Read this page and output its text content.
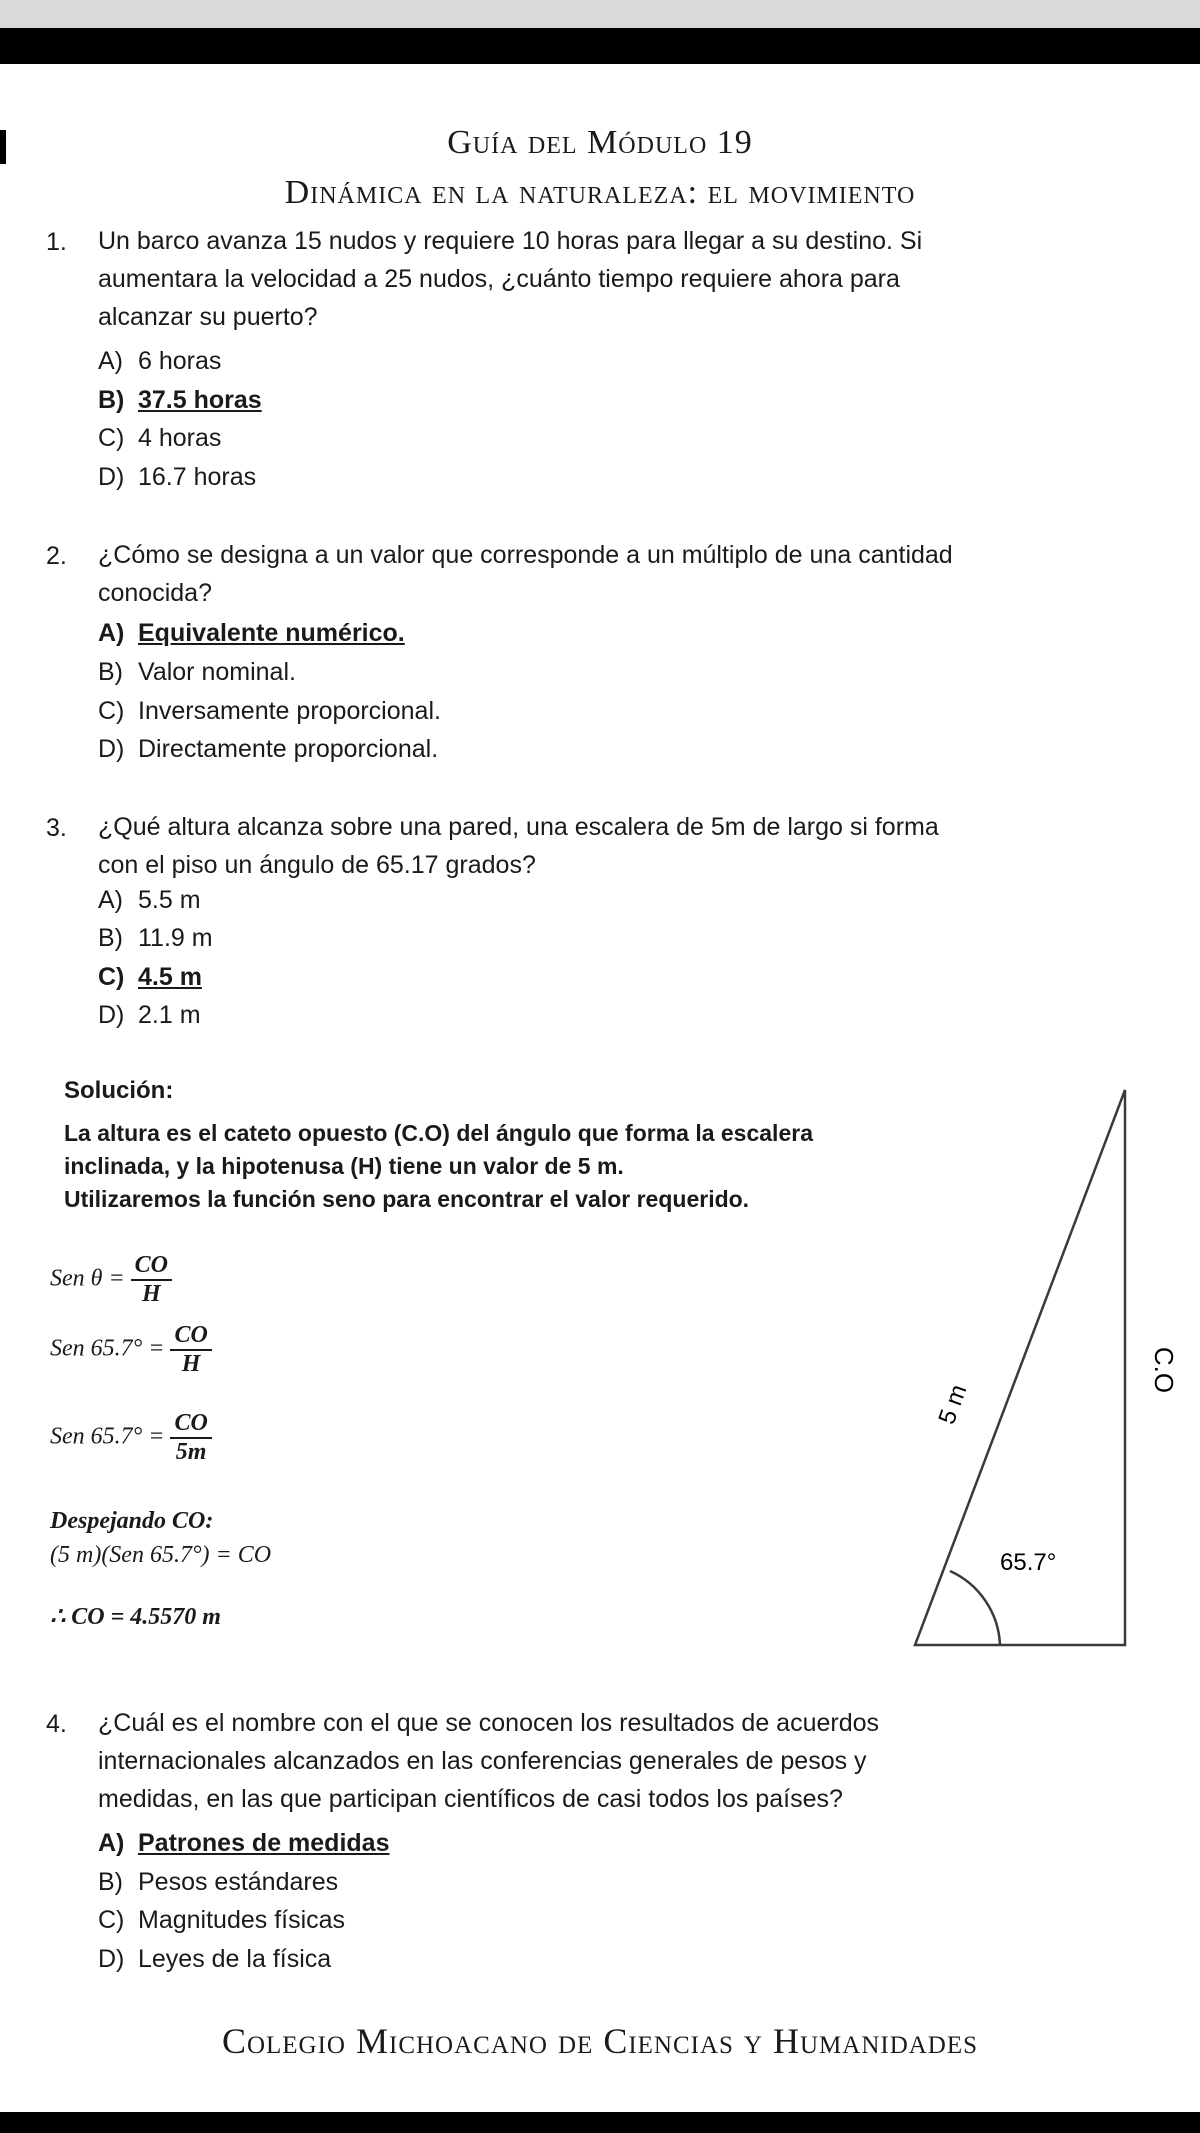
Guía del Módulo 19
Dinámica en la naturaleza: el movimiento
1. Un barco avanza 15 nudos y requiere 10 horas para llegar a su destino. Si
aumentara la velocidad a 25 nudos, ¿cuánto tiempo requiere ahora para
alcanzar su puerto?
A) 6 horas
B) 37.5 horas
C) 4 horas
D) 16.7 horas
2. ¿Cómo se designa a un valor que corresponde a un múltiplo de una cantidad
conocida?
A) Equivalente numérico.
B) Valor nominal.
C) Inversamente proporcional.
D) Directamente proporcional.
3. ¿Qué altura alcanza sobre una pared, una escalera de 5m de largo si forma
con el piso un ángulo de 65.17 grados?
A) 5.5 m
B) 11.9 m
C) 4.5 m
D) 2.1 m
Solución:
La altura es el cateto opuesto (C.O) del ángulo que forma la escalera
inclinada, y la hipotenusa (H) tiene un valor de 5 m.
Utilizaremos la función seno para encontrar el valor requerido.
Sen $\theta = \frac{CO}{H}$
Sen $65.7^\circ = \frac{CO}{H}$
Sen $65.7^\circ = \frac{CO}{5m}$
Despejando CO:
(5 m)(Sen 65.7°) = CO
∴ CO = 4.5570 m
5 m
C.O
65.7°
4. ¿Cuál es el nombre con el que se conocen los resultados de acuerdos
internacionales alcanzados en las conferencias generales de pesos y
medidas, en las que participan científicos de casi todos los países?
A) Patrones de medidas
B) Pesos estándares
C) Magnitudes físicas
D) Leyes de la física
Colegio Michoacano de Ciencias y Humanidades
